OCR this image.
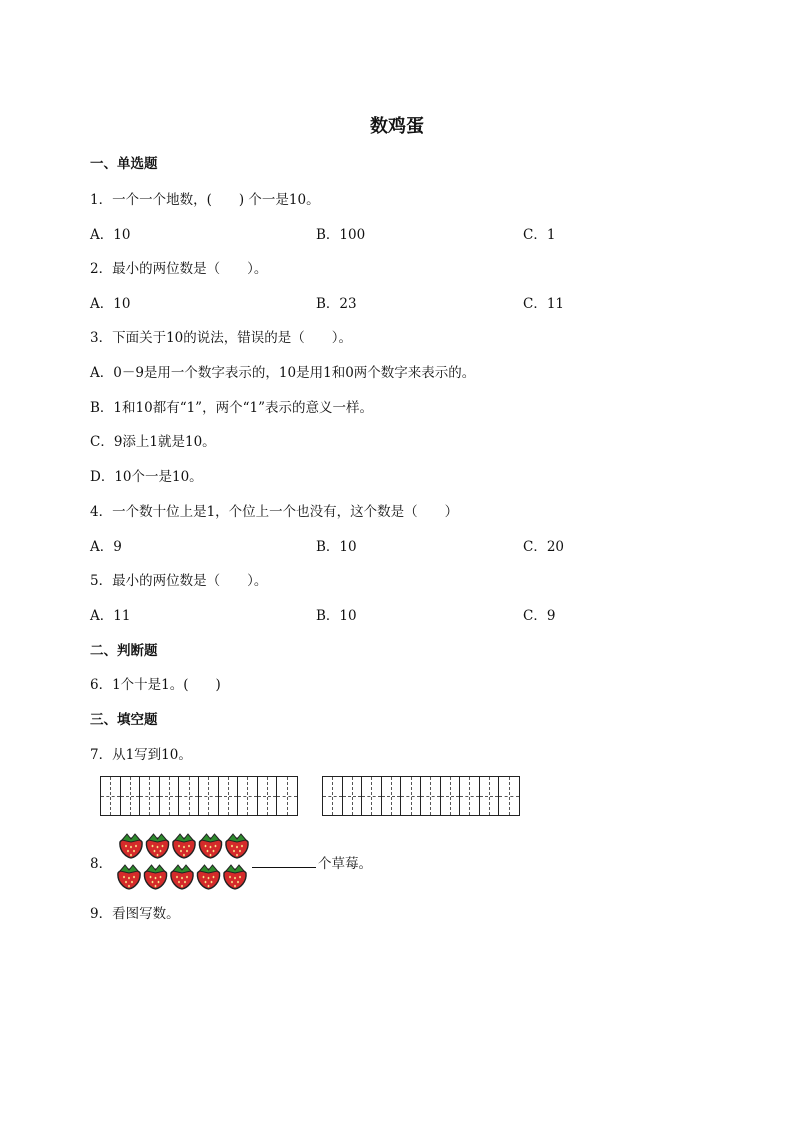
数鸡蛋
一、单选题
1．一个一个地数，(　　) 个一是10。
A．10	B．100	C．1
2．最小的两位数是（　　）。
A．10	B．23	C．11
3．下面关于10的说法，错误的是（　　）。
A．0－9是用一个数字表示的，10是用1和0两个数字来表示的。
B．1和10都有“1”，两个“1”表示的意义一样。
C．9添上1就是10。
D．10个一是10。
4．一个数十位上是1，个位上一个也没有，这个数是（　　）
A．9	B．10	C．20
5．最小的两位数是（　　）。
A．11	B．10	C．9
二、判断题
6．1个十是1。(　　)
三、填空题
7．从1写到10。
8．	个草莓。
9．看图写数。
